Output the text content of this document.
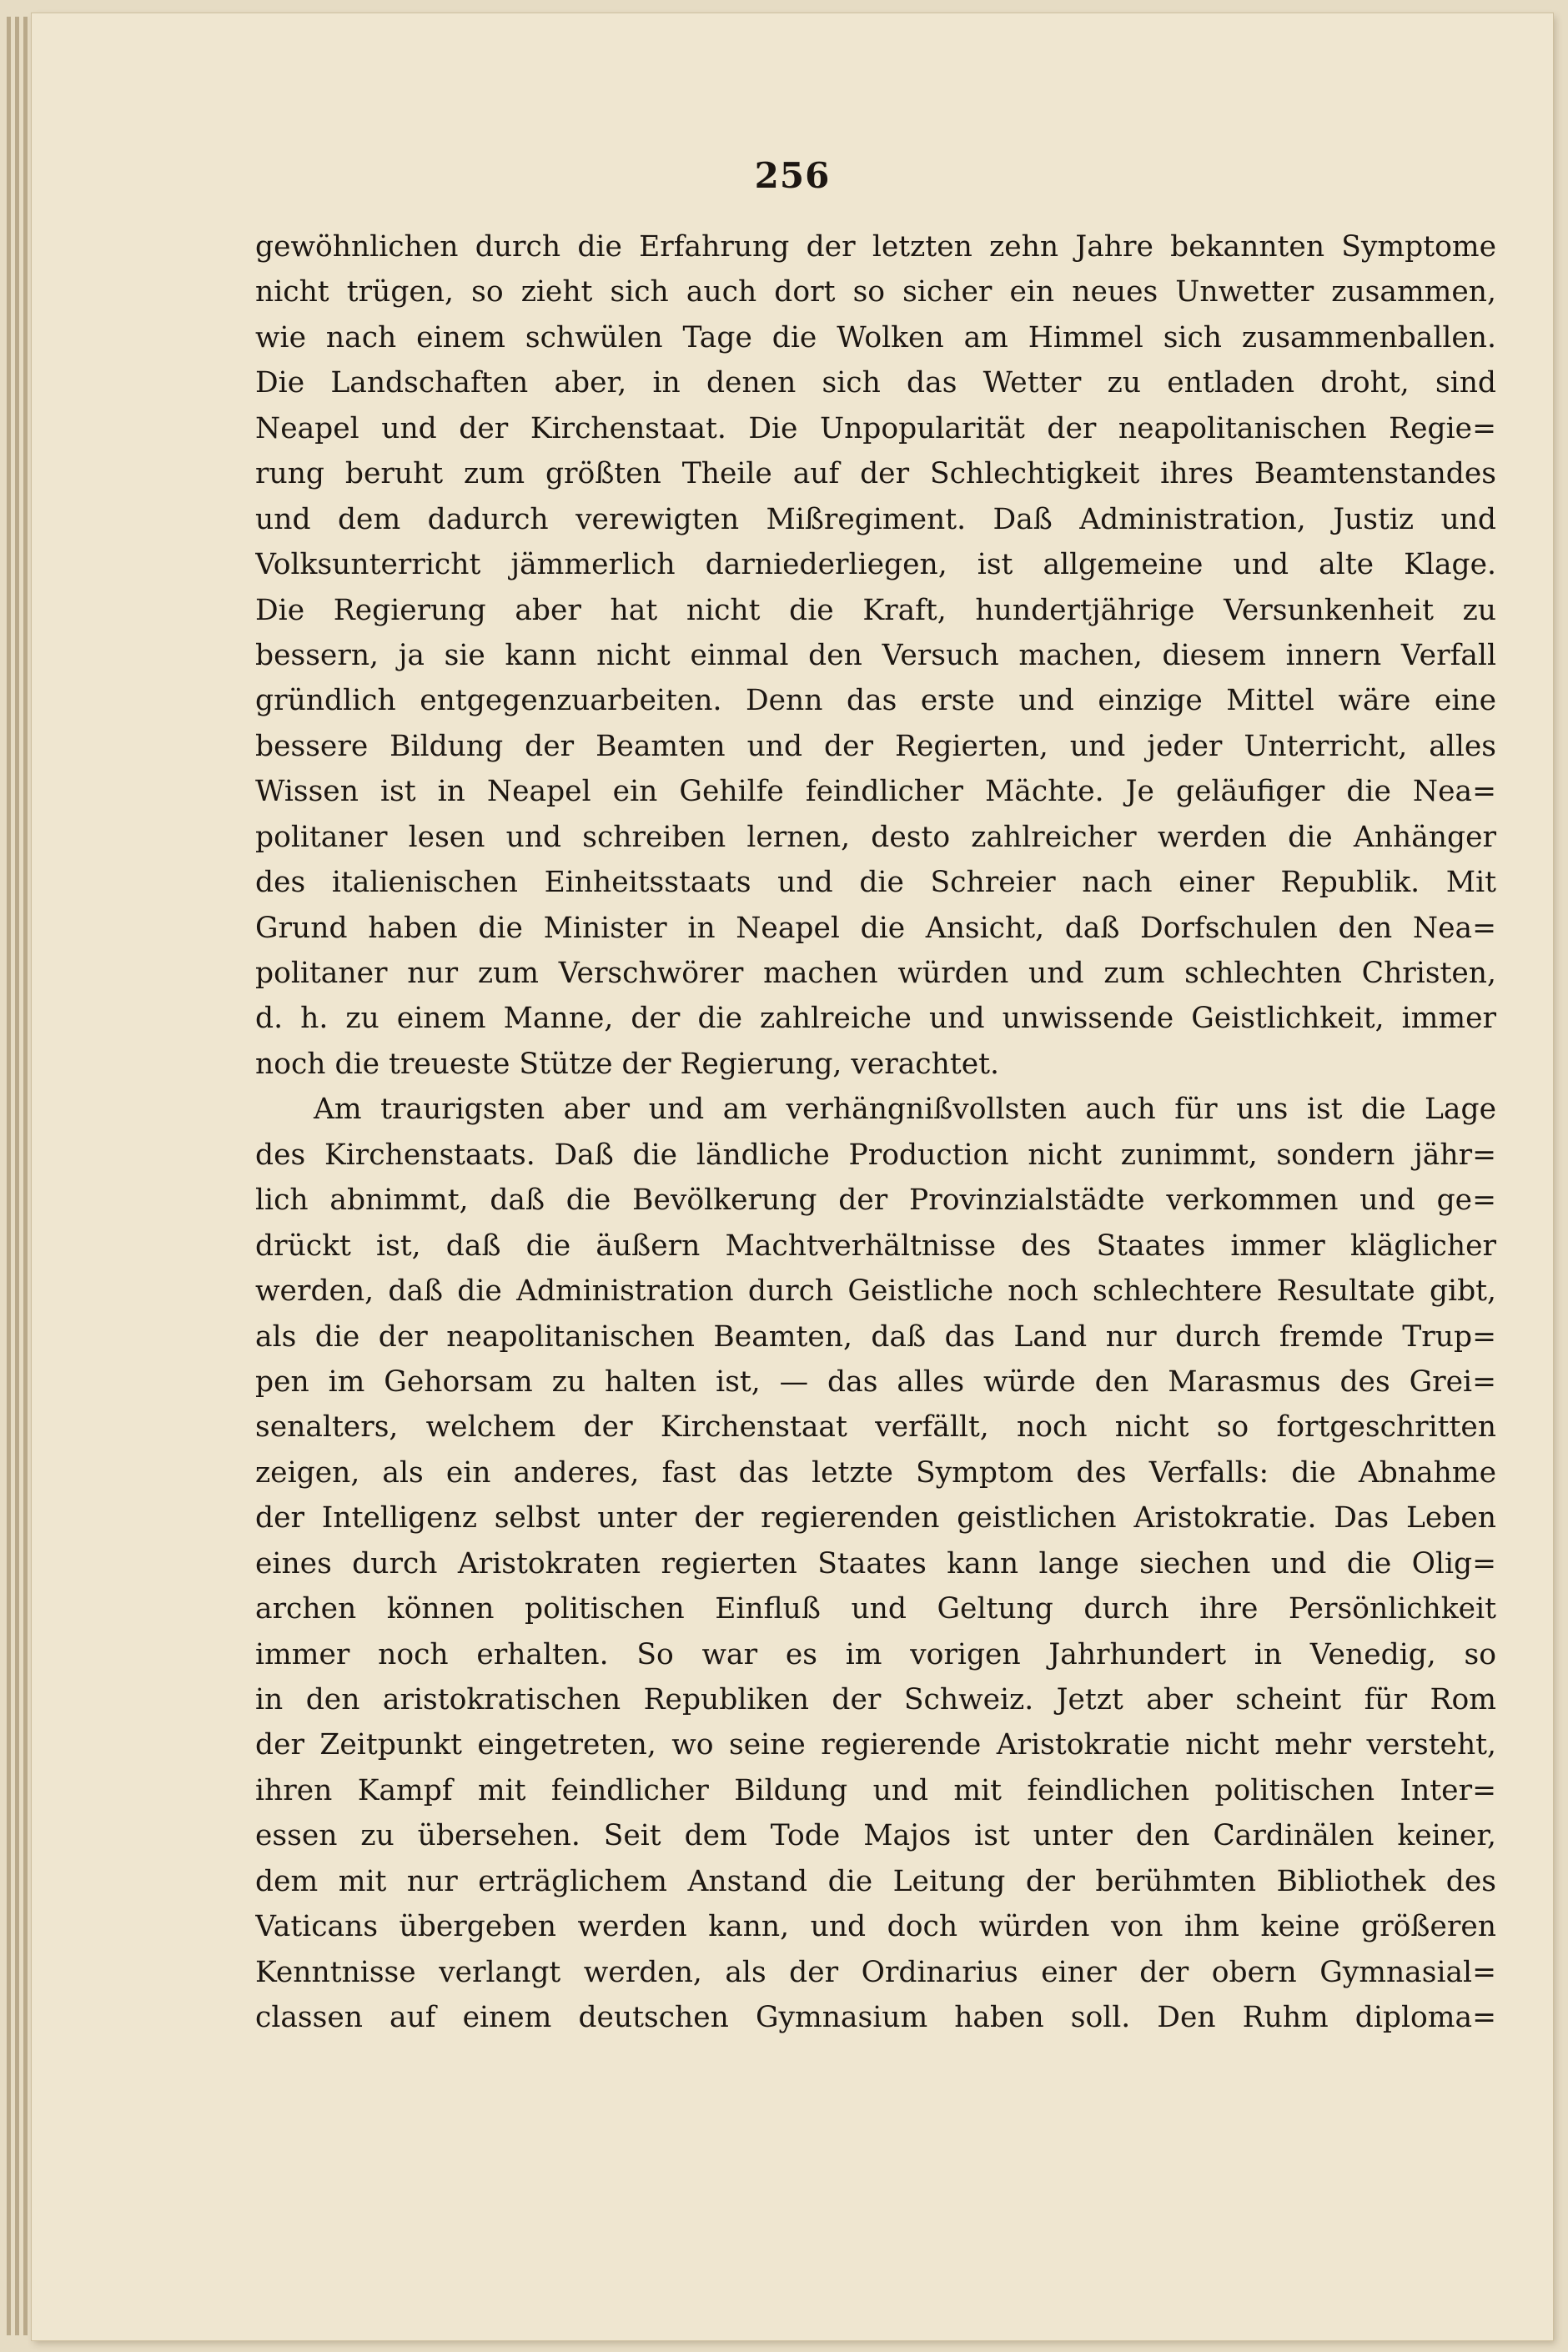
256
gewöhnlichen durch die Erfahrung der letzten zehn Jahre bekannten Symptome
nicht trügen, so zieht sich auch dort so sicher ein neues Unwetter zusammen,
wie nach einem schwülen Tage die Wolken am Himmel sich zusammenballen.
Die Landschaften aber, in denen sich das Wetter zu entladen droht, sind
Neapel und der Kirchenstaat. Die Unpopularität der neapolitanischen Regie=
rung beruht zum größten Theile auf der Schlechtigkeit ihres Beamtenstandes
und dem dadurch verewigten Mißregiment. Daß Administration, Justiz und
Volksunterricht jämmerlich darniederliegen, ist allgemeine und alte Klage.
Die Regierung aber hat nicht die Kraft, hundertjährige Versunkenheit zu
bessern, ja sie kann nicht einmal den Versuch machen, diesem innern Verfall
gründlich entgegenzuarbeiten. Denn das erste und einzige Mittel wäre eine
bessere Bildung der Beamten und der Regierten, und jeder Unterricht, alles
Wissen ist in Neapel ein Gehilfe feindlicher Mächte. Je geläufiger die Nea=
politaner lesen und schreiben lernen, desto zahlreicher werden die Anhänger
des italienischen Einheitsstaats und die Schreier nach einer Republik. Mit
Grund haben die Minister in Neapel die Ansicht, daß Dorfschulen den Nea=
politaner nur zum Verschwörer machen würden und zum schlechten Christen,
d. h. zu einem Manne, der die zahlreiche und unwissende Geistlichkeit, immer
noch die treueste Stütze der Regierung, verachtet.
Am traurigsten aber und am verhängnißvollsten auch für uns ist die Lage
des Kirchenstaats. Daß die ländliche Production nicht zunimmt, sondern jähr=
lich abnimmt, daß die Bevölkerung der Provinzialstädte verkommen und ge=
drückt ist, daß die äußern Machtverhältnisse des Staates immer kläglicher
werden, daß die Administration durch Geistliche noch schlechtere Resultate gibt,
als die der neapolitanischen Beamten, daß das Land nur durch fremde Trup=
pen im Gehorsam zu halten ist, — das alles würde den Marasmus des Grei=
senalters, welchem der Kirchenstaat verfällt, noch nicht so fortgeschritten
zeigen, als ein anderes, fast das letzte Symptom des Verfalls: die Abnahme
der Intelligenz selbst unter der regierenden geistlichen Aristokratie. Das Leben
eines durch Aristokraten regierten Staates kann lange siechen und die Olig=
archen können politischen Einfluß und Geltung durch ihre Persönlichkeit
immer noch erhalten. So war es im vorigen Jahrhundert in Venedig, so
in den aristokratischen Republiken der Schweiz. Jetzt aber scheint für Rom
der Zeitpunkt eingetreten, wo seine regierende Aristokratie nicht mehr versteht,
ihren Kampf mit feindlicher Bildung und mit feindlichen politischen Inter=
essen zu übersehen. Seit dem Tode Majos ist unter den Cardinälen keiner,
dem mit nur erträglichem Anstand die Leitung der berühmten Bibliothek des
Vaticans übergeben werden kann, und doch würden von ihm keine größeren
Kenntnisse verlangt werden, als der Ordinarius einer der obern Gymnasial=
classen auf einem deutschen Gymnasium haben soll. Den Ruhm diploma=
